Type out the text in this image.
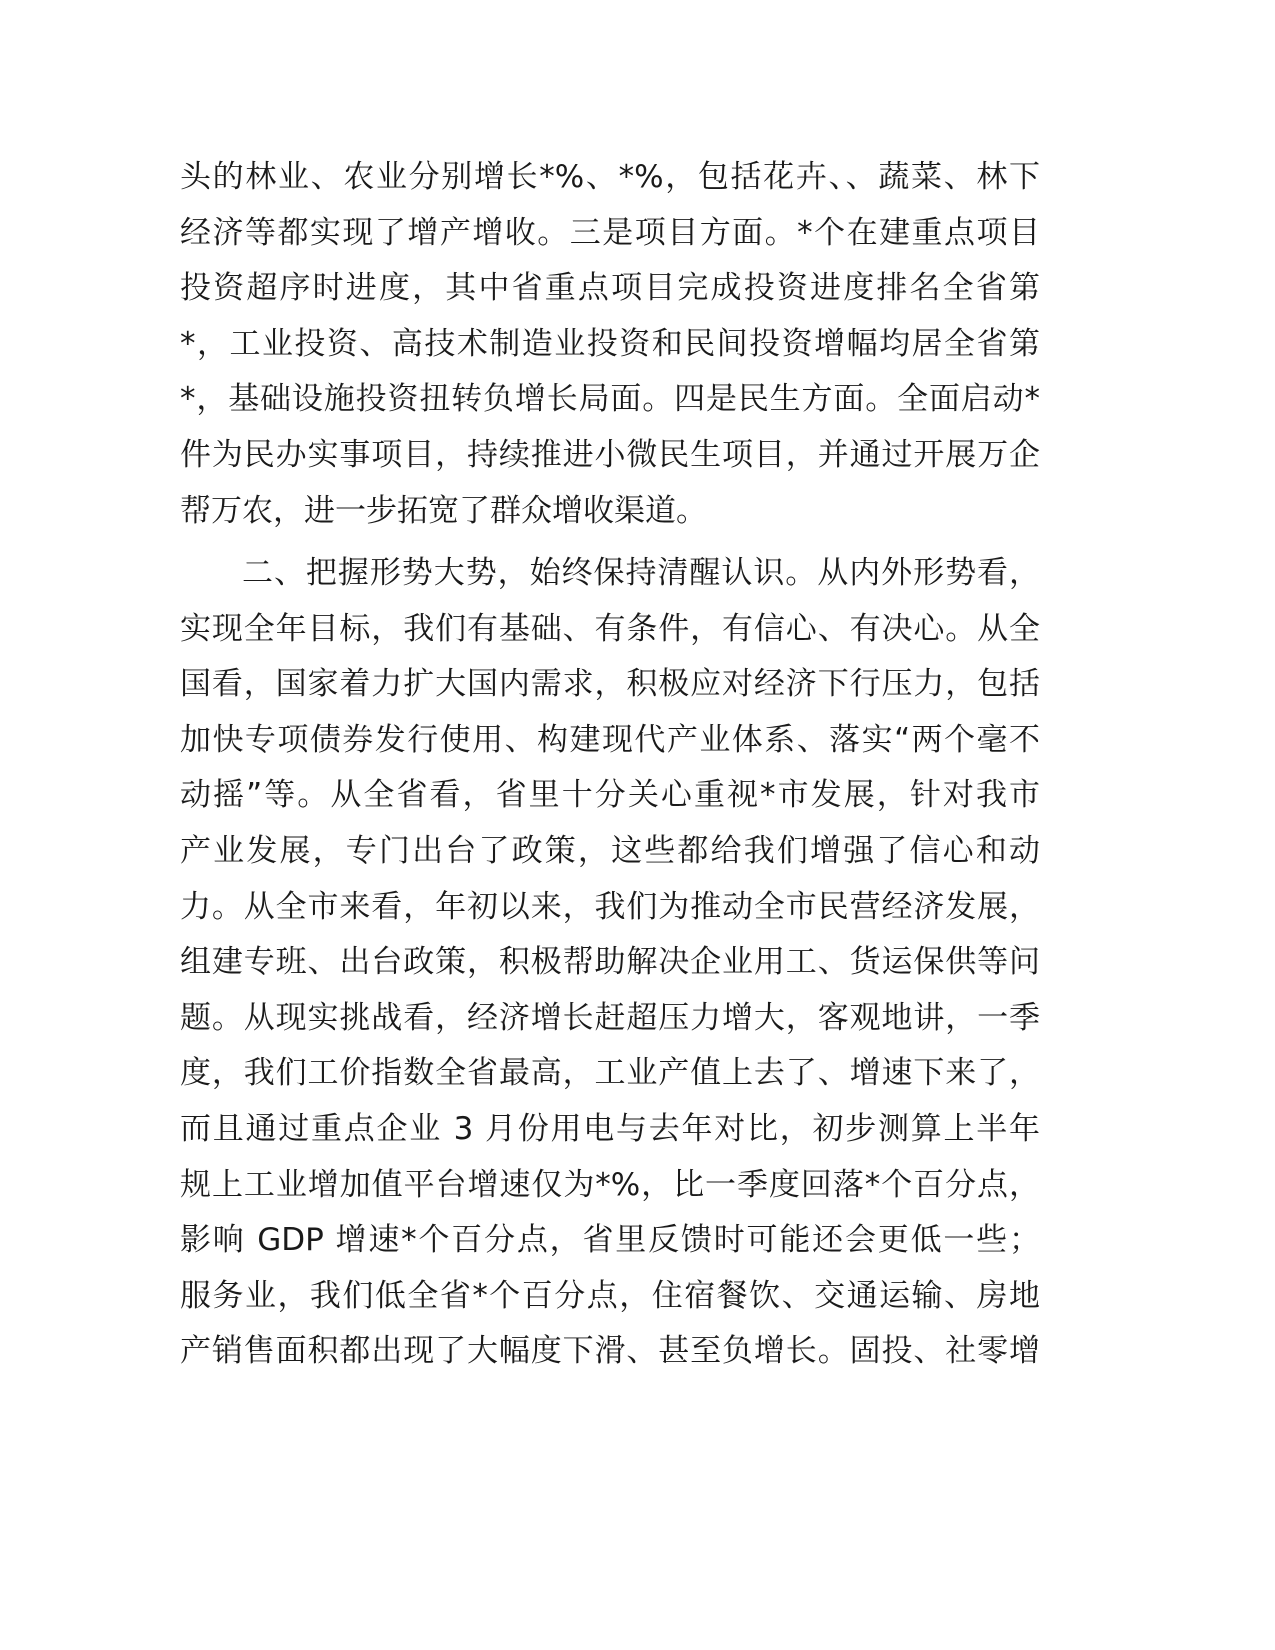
头的林业、农业分别增长*%、*%，包括花卉、、蔬菜、林下
经济等都实现了增产增收。三是项目方面。*个在建重点项目
投资超序时进度，其中省重点项目完成投资进度排名全省第
*，工业投资、高技术制造业投资和民间投资增幅均居全省第
*，基础设施投资扭转负增长局面。四是民生方面。全面启动*
件为民办实事项目，持续推进小微民生项目，并通过开展万企
帮万农，进一步拓宽了群众增收渠道。
二、把握形势大势，始终保持清醒认识。从内外形势看，
实现全年目标，我们有基础、有条件，有信心、有决心。从全
国看，国家着力扩大国内需求，积极应对经济下行压力，包括
加快专项债券发行使用、构建现代产业体系、落实“两个毫不
动摇”等。从全省看，省里十分关心重视*市发展，针对我市
产业发展，专门出台了政策，这些都给我们增强了信心和动
力。从全市来看，年初以来，我们为推动全市民营经济发展，
组建专班、出台政策，积极帮助解决企业用工、货运保供等问
题。从现实挑战看，经济增长赶超压力增大，客观地讲，一季
度，我们工价指数全省最高，工业产值上去了、增速下来了，
而且通过重点企业 3 月份用电与去年对比，初步测算上半年
规上工业增加值平台增速仅为*%，比一季度回落*个百分点，
影响 GDP 增速*个百分点，省里反馈时可能还会更低一些；
服务业，我们低全省*个百分点，住宿餐饮、交通运输、房地
产销售面积都出现了大幅度下滑、甚至负增长。固投、社零增
